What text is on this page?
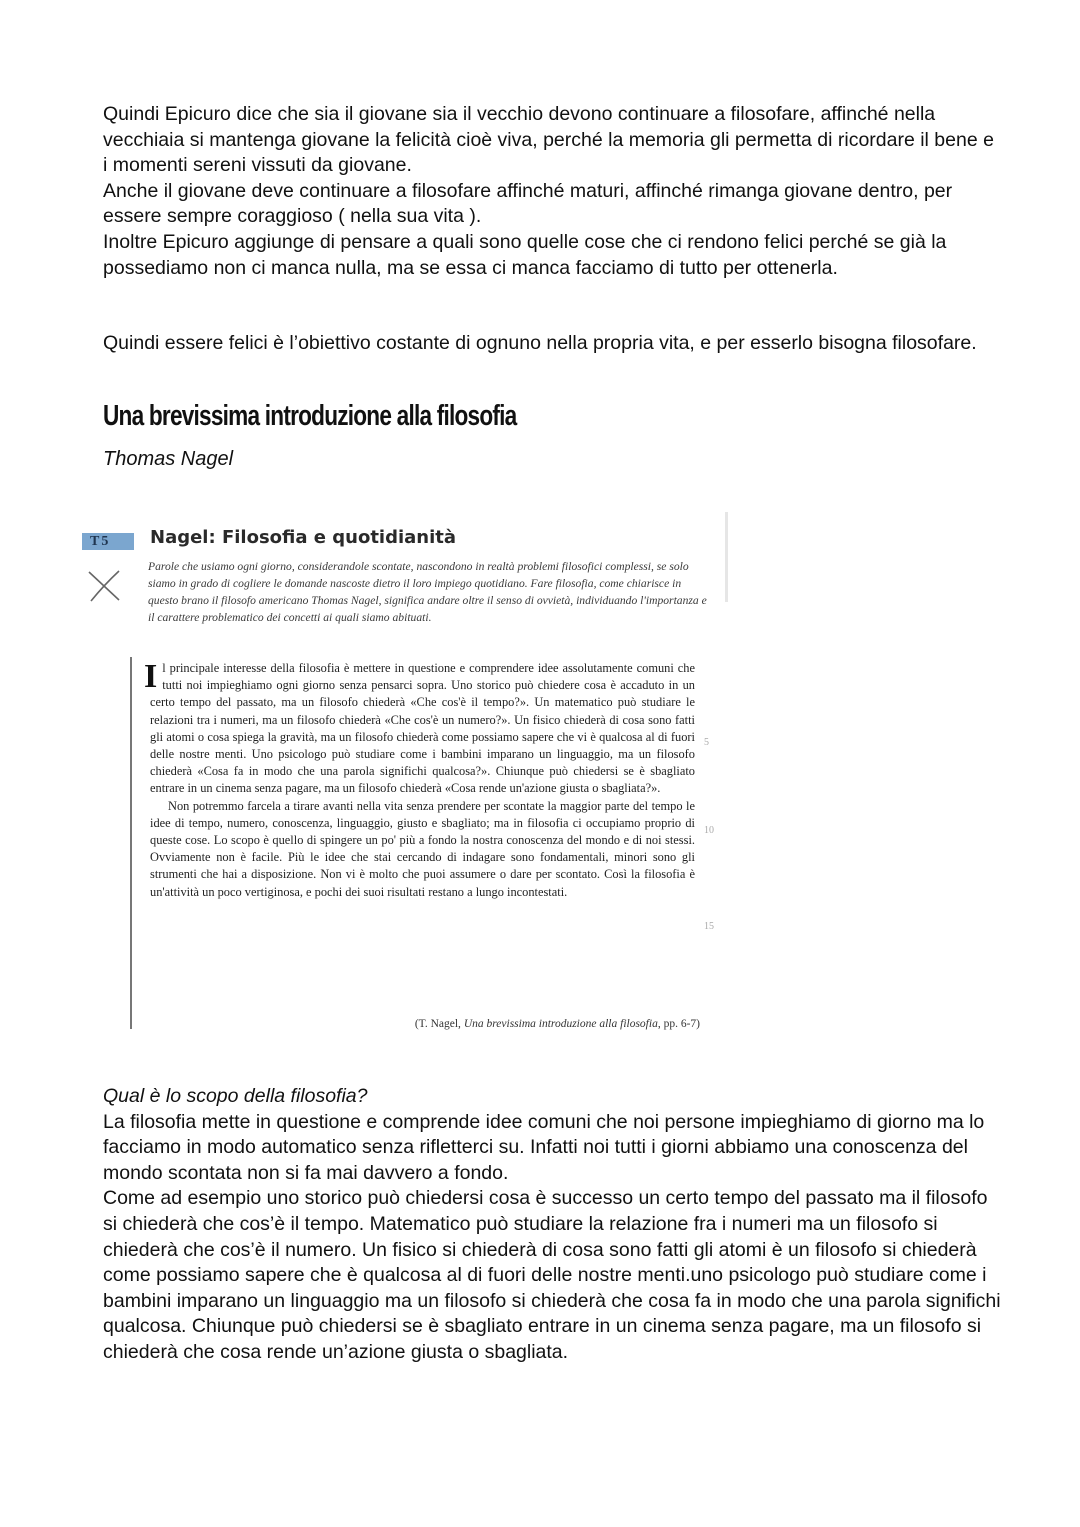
Quindi Epicuro dice che sia il giovane sia il vecchio devono continuare a filosofare, affinché nella vecchiaia si mantenga giovane la felicità cioè viva, perché la memoria gli permetta di ricordare il bene e i momenti sereni vissuti da giovane.

Anche il giovane deve continuare a filosofare affinché maturi, affinché rimanga giovane dentro, per essere sempre coraggioso ( nella sua vita ).

Inoltre Epicuro aggiunge di pensare a quali sono quelle cose che ci rendono felici perché se già la possediamo non ci manca nulla, ma se essa ci manca facciamo di tutto per ottenerla.

Quindi essere felici è l’obiettivo costante di ognuno nella propria vita, e per esserlo bisogna filosofare.

Una brevissima introduzione alla filosofia
Thomas Nagel
T5	Nagel: Filosofia e quotidianità

Parole che usiamo ogni giorno, considerandole scontate, nascondono in realtà problemi filosofici complessi, se solo siamo in grado di cogliere le domande nascoste dietro il loro impiego quotidiano. Fare filosofia, come chiarisce in questo brano il filosofo americano Thomas Nagel, significa andare oltre il senso di ovvietà, individuando l'importanza e il carattere problematico dei concetti ai quali siamo abituati.

Il principale interesse della filosofia è mettere in questione e comprendere idee assolutamente comuni che tutti noi impieghiamo ogni giorno senza pensarci sopra. Uno storico può chiedere cosa è accaduto in un certo tempo del passato, ma un filosofo chiederà «Che cos'è il tempo?». Un matematico può studiare le relazioni tra i numeri, ma un filosofo chiederà «Che cos'è un numero?». Un fisico chiederà di cosa sono fatti gli atomi o cosa spiega la gravità, ma un filosofo chiederà come possiamo sapere che vi è qualcosa al di fuori delle nostre menti. Uno psicologo può studiare come i bambini imparano un linguaggio, ma un filosofo chiederà «Cosa fa in modo che una parola significhi qualcosa?». Chiunque può chiedersi se è sbagliato entrare in un cinema senza pagare, ma un filosofo chiederà «Cosa rende un'azione giusta o sbagliata?».

Non potremmo farcela a tirare avanti nella vita senza prendere per scontate la maggior parte del tempo le idee di tempo, numero, conoscenza, linguaggio, giusto e sbagliato; ma in filosofia ci occupiamo proprio di queste cose. Lo scopo è quello di spingere un po' più a fondo la nostra conoscenza del mondo e di noi stessi. Ovviamente non è facile. Più le idee che stai cercando di indagare sono fondamentali, minori sono gli strumenti che hai a disposizione. Non vi è molto che puoi assumere o dare per scontato. Così la filosofia è un'attività un poco vertiginosa, e pochi dei suoi risultati restano a lungo incontestati.

5
10
15
(T. Nagel, Una brevissima introduzione alla filosofia, pp. 6-7)

Qual è lo scopo della filosofia?

La filosofia mette in questione e comprende idee comuni che noi persone impieghiamo di giorno ma lo facciamo in modo automatico senza rifletterci su. Infatti noi tutti i giorni abbiamo una conoscenza del mondo scontata non si fa mai davvero a fondo.

Come ad esempio uno storico può chiedersi cosa è successo un certo tempo del passato ma il filosofo si chiederà che cos’è il tempo. Matematico può studiare la relazione fra i numeri ma un filosofo si chiederà che cos’è il numero. Un fisico si chiederà di cosa sono fatti gli atomi è un filosofo si chiederà come possiamo sapere che è qualcosa al di fuori delle nostre menti.uno psicologo può studiare come i bambini imparano un linguaggio ma un filosofo si chiederà che cosa fa in modo che una parola significhi qualcosa. Chiunque può chiedersi se è sbagliato entrare in un cinema senza pagare, ma un filosofo si chiederà che cosa rende un’azione giusta o sbagliata.
